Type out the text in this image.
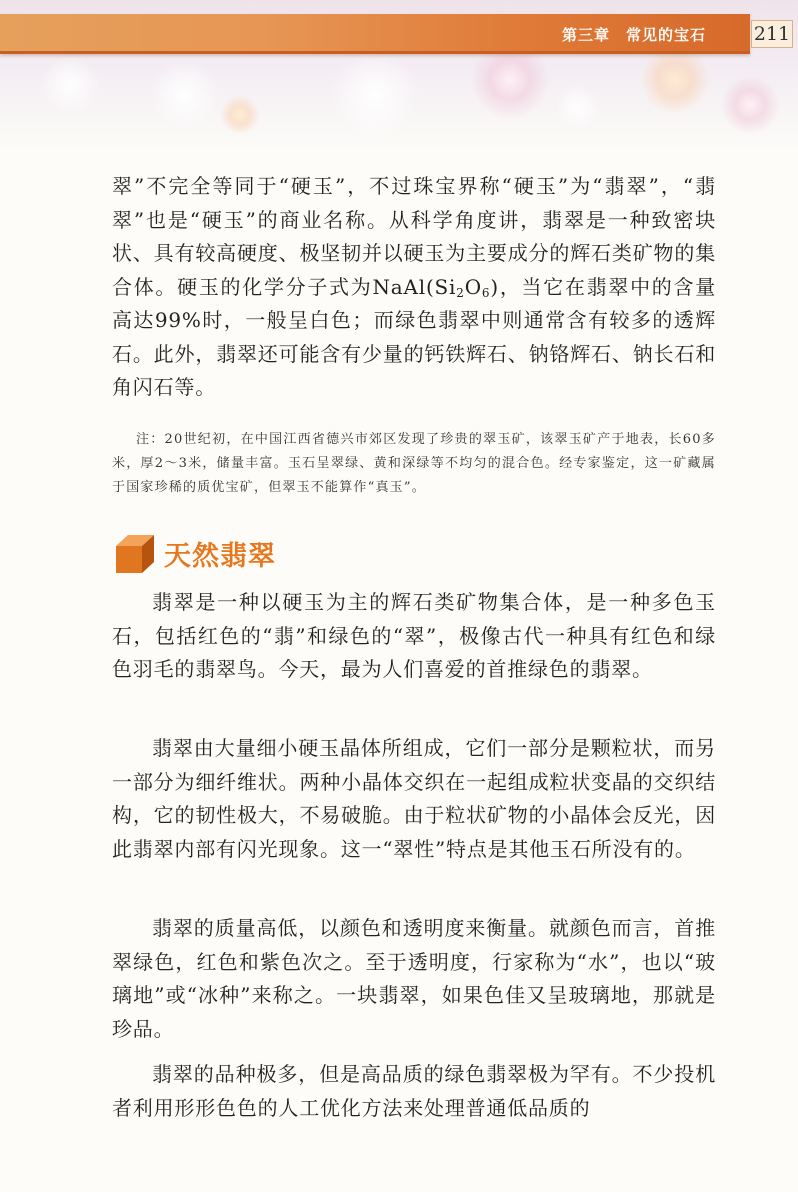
第三章　常见的宝石	211

翠”不完全等同于“硬玉”，不过珠宝界称“硬玉”为“翡翠”，“翡翠”也是“硬玉”的商业名称。从科学角度讲，翡翠是一种致密块状、具有较高硬度、极坚韧并以硬玉为主要成分的辉石类矿物的集合体。硬玉的化学分子式为$NaAl(Si_2O_6)$，当它在翡翠中的含量高达99%时，一般呈白色；而绿色翡翠中则通常含有较多的透辉石。此外，翡翠还可能含有少量的钙铁辉石、钠铬辉石、钠长石和角闪石等。

注：20世纪初，在中国江西省德兴市郊区发现了珍贵的翠玉矿，该翠玉矿产于地表，长60多米，厚2～3米，储量丰富。玉石呈翠绿、黄和深绿等不均匀的混合色。经专家鉴定，这一矿藏属于国家珍稀的质优宝矿，但翠玉不能算作“真玉”。

天然翡翠

翡翠是一种以硬玉为主的辉石类矿物集合体，是一种多色玉石，包括红色的“翡”和绿色的“翠”，极像古代一种具有红色和绿色羽毛的翡翠鸟。今天，最为人们喜爱的首推绿色的翡翠。

翡翠由大量细小硬玉晶体所组成，它们一部分是颗粒状，而另一部分为细纤维状。两种小晶体交织在一起组成粒状变晶的交织结构，它的韧性极大，不易破脆。由于粒状矿物的小晶体会反光，因此翡翠内部有闪光现象。这一“翠性”特点是其他玉石所没有的。

翡翠的质量高低，以颜色和透明度来衡量。就颜色而言，首推翠绿色，红色和紫色次之。至于透明度，行家称为“水”，也以“玻璃地”或“冰种”来称之。一块翡翠，如果色佳又呈玻璃地，那就是珍品。

翡翠的品种极多，但是高品质的绿色翡翠极为罕有。不少投机者利用形形色色的人工优化方法来处理普通低品质的
